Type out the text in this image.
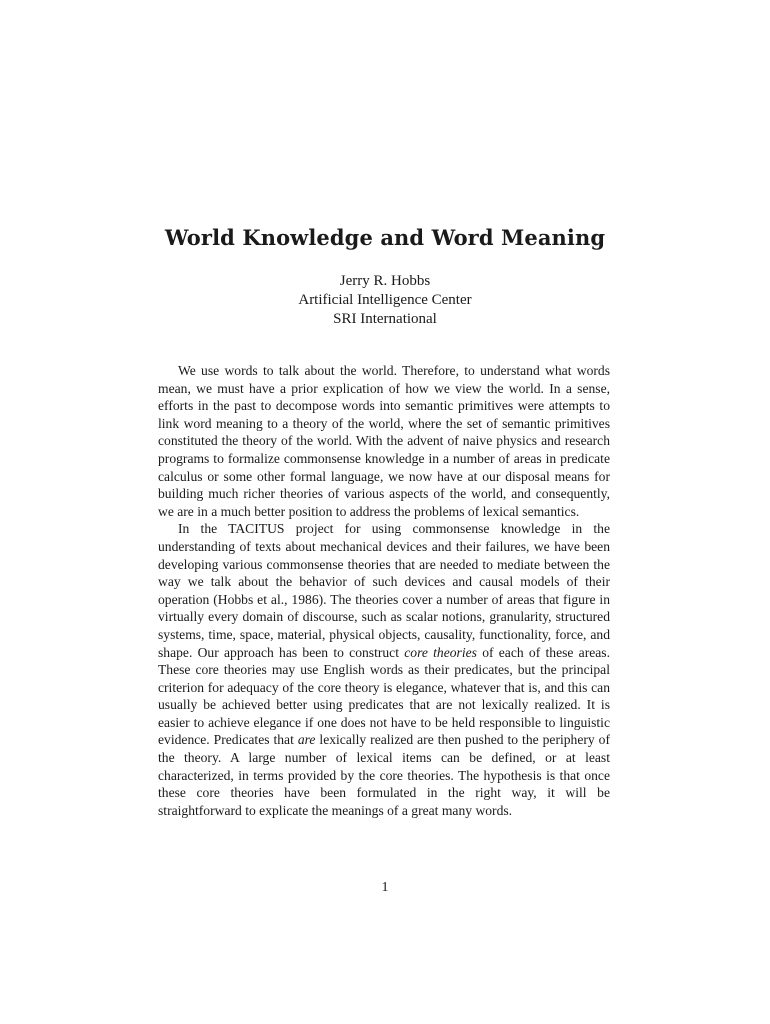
World Knowledge and Word Meaning
Jerry R. Hobbs
Artificial Intelligence Center
SRI International

We use words to talk about the world. Therefore, to understand what words mean, we must have a prior explication of how we view the world. In a sense, efforts in the past to decompose words into semantic primitives were attempts to link word meaning to a theory of the world, where the set of semantic primitives constituted the theory of the world. With the advent of naive physics and research programs to formalize commonsense knowledge in a number of areas in predicate calculus or some other formal language, we now have at our disposal means for building much richer theories of various aspects of the world, and consequently, we are in a much better position to address the problems of lexical semantics.

In the TACITUS project for using commonsense knowledge in the understanding of texts about mechanical devices and their failures, we have been developing various commonsense theories that are needed to mediate between the way we talk about the behavior of such devices and causal models of their operation (Hobbs et al., 1986). The theories cover a number of areas that figure in virtually every domain of discourse, such as scalar notions, granularity, structured systems, time, space, material, physical objects, causality, functionality, force, and shape. Our approach has been to construct core theories of each of these areas. These core theories may use English words as their predicates, but the principal criterion for adequacy of the core theory is elegance, whatever that is, and this can usually be achieved better using predicates that are not lexically realized. It is easier to achieve elegance if one does not have to be held responsible to linguistic evidence. Predicates that are lexically realized are then pushed to the periphery of the theory. A large number of lexical items can be defined, or at least characterized, in terms provided by the core theories. The hypothesis is that once these core theories have been formulated in the right way, it will be straightforward to explicate the meanings of a great many words.

1
